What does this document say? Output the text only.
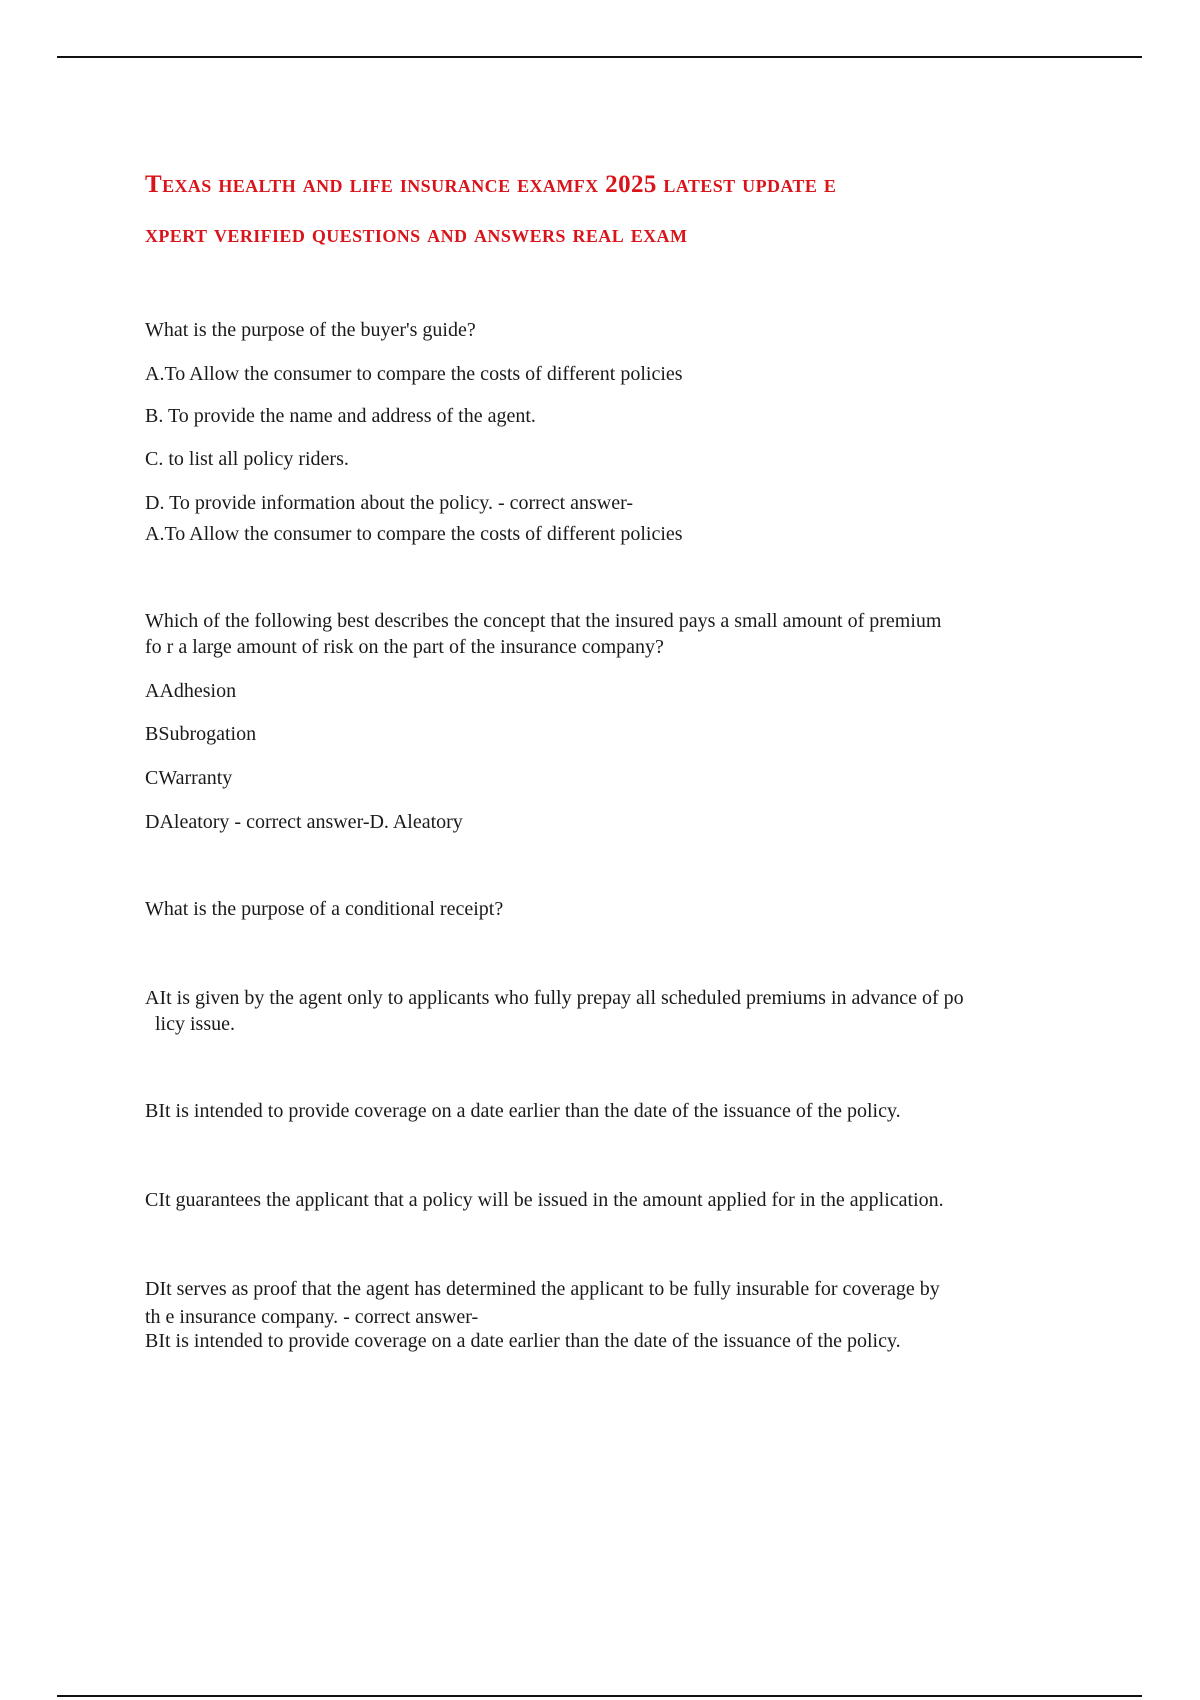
Texas health and life insurance examfx 2025 latest update e
xpert verified questions and answers real exam

What is the purpose of the buyer's guide?

A.To Allow the consumer to compare the costs of different policies

B. To provide the name and address of the agent.

C. to list all policy riders.

D. To provide information about the policy. - correct answer-

A.To Allow the consumer to compare the costs of different policies

Which of the following best describes the concept that the insured pays a small amount of premium

fo r a large amount of risk on the part of the insurance company?

AAdhesion

BSubrogation

CWarranty

DAleatory - correct answer-D. Aleatory

What is the purpose of a conditional receipt?

AIt is given by the agent only to applicants who fully prepay all scheduled premiums in advance of po

licy issue.

BIt is intended to provide coverage on a date earlier than the date of the issuance of the policy.

CIt guarantees the applicant that a policy will be issued in the amount applied for in the application.

DIt serves as proof that the agent has determined the applicant to be fully insurable for coverage by

th e insurance company. - correct answer-

BIt is intended to provide coverage on a date earlier than the date of the issuance of the policy.
